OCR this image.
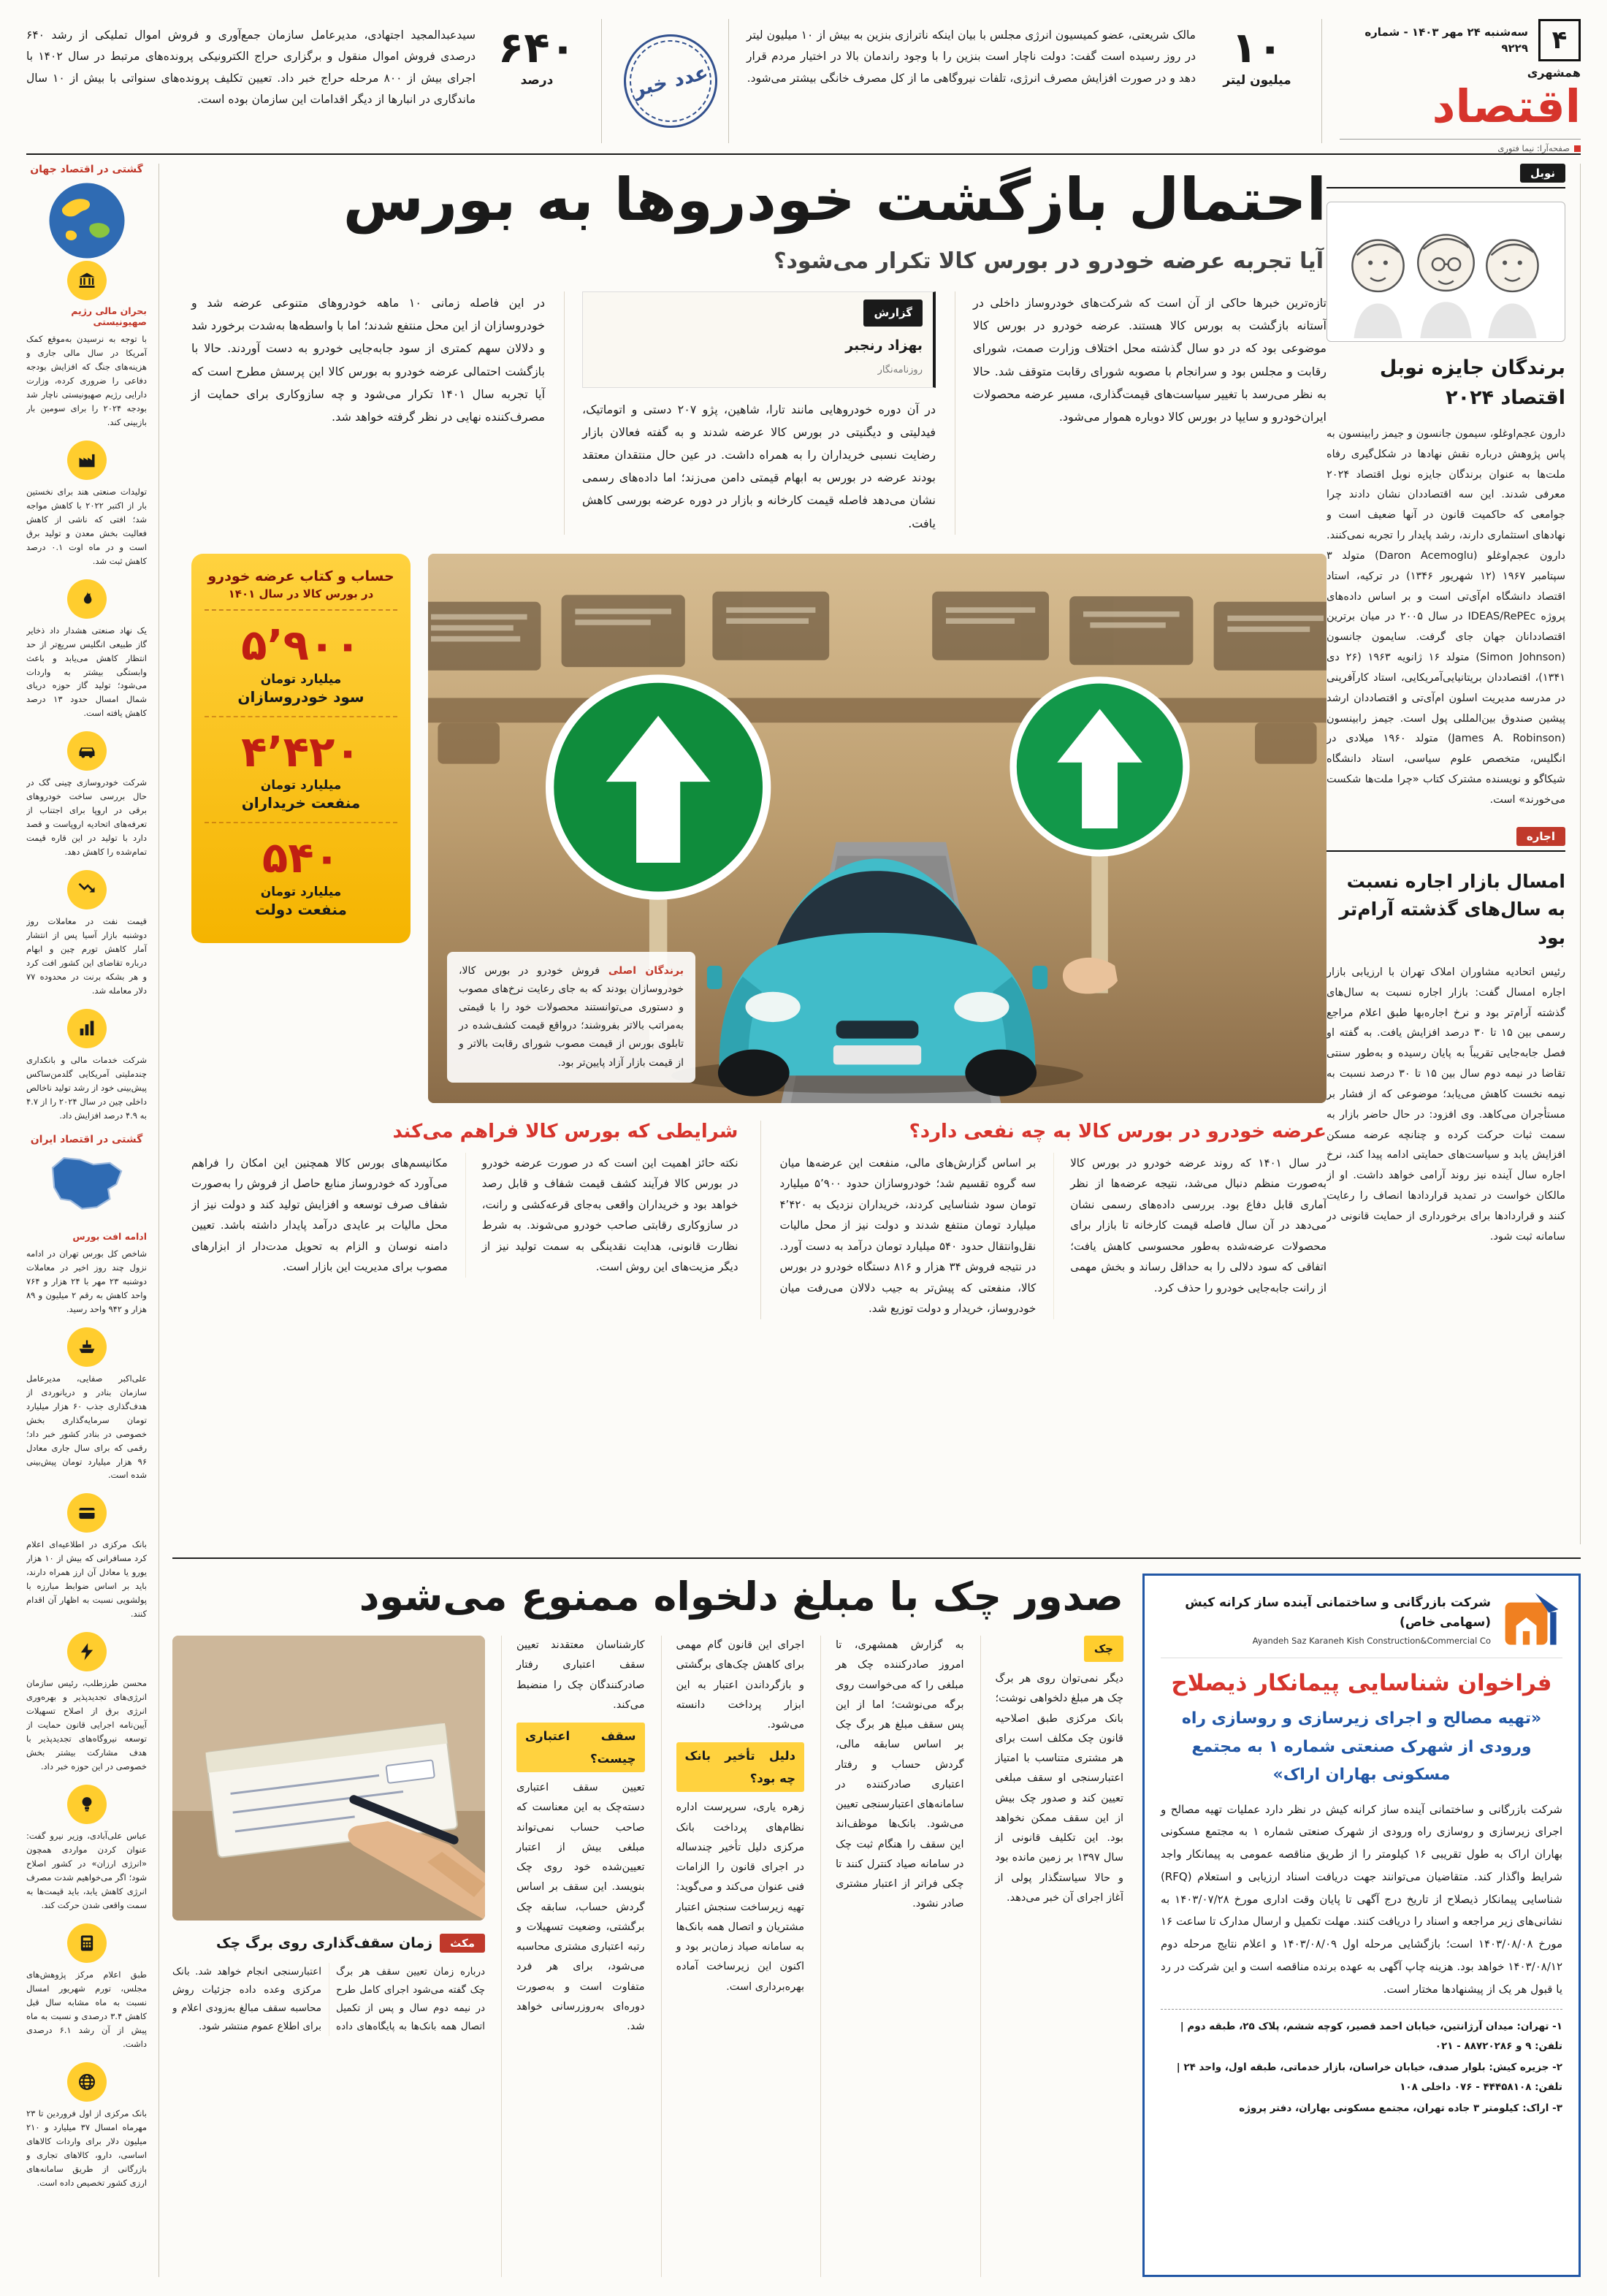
۴
سه‌شنبه ۲۴ مهر ۱۴۰۳ - شماره ۹۲۲۹
همشهری
اقتصاد
صفحه‌آرا: نیما فتوری
۱۰
میلیون لیتر

مالک شریعتی، عضو کمیسیون انرژی مجلس با بیان اینکه ناترازی بنزین به بیش از ۱۰ میلیون لیتر در روز رسیده است گفت: دولت ناچار است بنزین را با وجود راندمان بالا در اختیار مردم قرار دهد و در صورت افزایش مصرف انرژی، تلفات نیروگاهی ما از کل مصرف خانگی بیشتر می‌شود.

عدد خبر
۶۴۰
درصد

سیدعبدالمجید اجتهادی، مدیرعامل سازمان جمع‌آوری و فروش اموال تملیکی از رشد ۶۴۰ درصدی فروش اموال منقول و برگزاری حراج الکترونیکی پرونده‌های مرتبط در سال ۱۴۰۲ با اجرای بیش از ۸۰۰ مرحله حراج خبر داد. تعیین تکلیف پرونده‌های سنواتی با بیش از ۱۰ سال ماندگاری در انبارها از دیگر اقدامات این سازمان بوده است.

نوبل
برندگان جایزه نوبل اقتصاد ۲۰۲۴

دارون عجم‌اوغلو، سیمون جانسون و جیمز رابینسون به پاس پژوهش درباره نقش نهادها در شکل‌گیری رفاه ملت‌ها به عنوان برندگان جایزه نوبل اقتصاد ۲۰۲۴ معرفی شدند. این سه اقتصاددان نشان دادند چرا جوامعی که حاکمیت قانون در آنها ضعیف است و نهادهای استثماری دارند، رشد پایدار را تجربه نمی‌کنند. دارون عجم‌اوغلو (Daron Acemoglu) متولد ۳ سپتامبر ۱۹۶۷ (۱۲ شهریور ۱۳۴۶) در ترکیه، استاد اقتصاد دانشگاه ام‌آی‌تی است و بر اساس داده‌های پروژه IDEAS/RePEc در سال ۲۰۰۵ در میان برترین اقتصاددانان جهان جای گرفت. سایمون جانسون (Simon Johnson) متولد ۱۶ ژانویه ۱۹۶۳ (۲۶ دی ۱۳۴۱)، اقتصاددان بریتانیایی‌آمریکایی، استاد کارآفرینی در مدرسه مدیریت اسلون ام‌آی‌تی و اقتصاددان ارشد پیشین صندوق بین‌المللی پول است. جیمز رابینسون (James A. Robinson) متولد ۱۹۶۰ میلادی در انگلیس، متخصص علوم سیاسی، استاد دانشگاه شیکاگو و نویسنده مشترک کتاب «چرا ملت‌ها شکست می‌خورند» است.

اجاره
امسال بازار اجاره نسبت به سال‌های گذشته آرام‌تر بود

رئیس اتحادیه مشاوران املاک تهران با ارزیابی بازار اجاره امسال گفت: بازار اجاره نسبت به سال‌های گذشته آرام‌تر بود و نرخ اجاره‌بها طبق اعلام مراجع رسمی بین ۱۵ تا ۳۰ درصد افزایش یافت. به گفته او فصل جابه‌جایی تقریباً به پایان رسیده و به‌طور سنتی تقاضا در نیمه دوم سال بین ۱۵ تا ۳۰ درصد نسبت به نیمه نخست کاهش می‌یابد؛ موضوعی که از فشار بر مستأجران می‌کاهد. وی افزود: در حال حاضر بازار به سمت ثبات حرکت کرده و چنانچه عرضه مسکن افزایش یابد و سیاست‌های حمایتی ادامه پیدا کند، نرخ اجاره سال آینده نیز روند آرامی خواهد داشت. او از مالکان خواست در تمدید قراردادها انصاف را رعایت کنند و قراردادها برای برخورداری از حمایت قانونی در سامانه ثبت شود.

احتمال بازگشت خودروها به بورس
آیا تجربه عرضه خودرو در بورس کالا تکرار می‌شود؟

تازه‌ترین خبرها حاکی از آن است که شرکت‌های خودروساز داخلی در آستانه بازگشت به بورس کالا هستند. عرضه خودرو در بورس کالا موضوعی بود که در دو سال گذشته محل اختلاف وزارت صمت، شورای رقابت و مجلس بود و سرانجام با مصوبه شورای رقابت متوقف شد. حالا به نظر می‌رسد با تغییر سیاست‌های قیمت‌گذاری، مسیر عرضه محصولات ایران‌خودرو و سایپا در بورس کالا دوباره هموار می‌شود.

گزارش
بهزاد رنجبر
روزنامه‌نگار

در آن دوره خودروهایی مانند تارا، شاهین، پژو ۲۰۷ دستی و اتوماتیک، فیدلیتی و دیگنیتی در بورس کالا عرضه شدند و به گفته فعالان بازار رضایت نسبی خریداران را به همراه داشت. در عین حال منتقدان معتقد بودند عرضه در بورس به ابهام قیمتی دامن می‌زند؛ اما داده‌های رسمی نشان می‌دهد فاصله قیمت کارخانه و بازار در دوره عرضه بورسی کاهش یافت.

در این فاصله زمانی ۱۰ ماهه خودروهای متنوعی عرضه شد و خودروسازان از این محل منتفع شدند؛ اما با واسطه‌ها به‌شدت برخورد شد و دلالان سهم کمتری از سود جابه‌جایی خودرو به دست آوردند. حالا با بازگشت احتمالی عرضه خودرو به بورس کالا این پرسش مطرح است که آیا تجربه سال ۱۴۰۱ تکرار می‌شود و چه سازوکاری برای حمایت از مصرف‌کننده نهایی در نظر گرفته خواهد شد.

برندگان اصلی فروش خودرو در بورس کالا، خودروسازان بودند که به جای رعایت نرخ‌های مصوب و دستوری می‌توانستند محصولات خود را با قیمتی به‌مراتب بالاتر بفروشند؛ درواقع قیمت کشف‌شده در تابلوی بورس از قیمت مصوب شورای رقابت بالاتر و از قیمت بازار آزاد پایین‌تر بود.
حساب و کتاب عرضه خودرو
در بورس کالا در سال ۱۴۰۱
۵٬۹۰۰
میلیارد تومان
سود خودروسازان
۴٬۴۲۰
میلیارد تومان
منفعت خریداران
۵۴۰
میلیارد تومان
منفعت دولت
عرضه خودرو در بورس کالا به چه نفعی دارد؟

در سال ۱۴۰۱ که روند عرضه خودرو در بورس کالا به‌صورت منظم دنبال می‌شد، نتیجه عرضه‌ها از نظر آماری قابل دفاع بود. بررسی داده‌های رسمی نشان می‌دهد در آن سال فاصله قیمت کارخانه تا بازار برای محصولات عرضه‌شده به‌طور محسوسی کاهش یافت؛ اتفاقی که سود دلالی را به حداقل رساند و بخش مهمی از رانت جابه‌جایی خودرو را حذف کرد.

بر اساس گزارش‌های مالی، منفعت این عرضه‌ها میان سه گروه تقسیم شد؛ خودروسازان حدود ۵٬۹۰۰ میلیارد تومان سود شناسایی کردند، خریداران نزدیک به ۴٬۴۲۰ میلیارد تومان منتفع شدند و دولت نیز از محل مالیات نقل‌وانتقال حدود ۵۴۰ میلیارد تومان درآمد به دست آورد. در نتیجه فروش ۳۴ هزار و ۸۱۶ دستگاه خودرو در بورس کالا، منفعتی که پیش‌تر به جیب دلالان می‌رفت میان خودروساز، خریدار و دولت توزیع شد.

شرایطی که بورس کالا فراهم می‌کند

نکته حائز اهمیت این است که در صورت عرضه خودرو در بورس کالا فرآیند کشف قیمت شفاف و قابل رصد خواهد بود و خریداران واقعی به‌جای قرعه‌کشی و رانت، در سازوکاری رقابتی صاحب خودرو می‌شوند. به شرط نظارت قانونی، هدایت نقدینگی به سمت تولید نیز از دیگر مزیت‌های این روش است.

مکانیسم‌های بورس کالا همچنین این امکان را فراهم می‌آورد که خودروساز منابع حاصل از فروش را به‌صورت شفاف صرف توسعه و افزایش تولید کند و دولت نیز از محل مالیات بر عایدی درآمد پایدار داشته باشد. تعیین دامنه نوسان و الزام به تحویل مدت‌دار از ابزارهای مصوب برای مدیریت این بازار است.

شرکت بازرگانی و ساختمانی آینده ساز کرانه کیش (سهامی خاص)
Ayandeh Saz Karaneh Kish Construction&Commercial Co
فراخوان شناسایی پیمانکار ذیصلاح
«تهیه مصالح و اجرای زیرسازی و روسازی راه ورودی از شهرک صنعتی شماره ۱ به مجتمع مسکونی بهاران اراک»

شرکت بازرگانی و ساختمانی آینده ساز کرانه کیش در نظر دارد عملیات تهیه مصالح و اجرای زیرسازی و روسازی راه ورودی از شهرک صنعتی شماره ۱ به مجتمع مسکونی بهاران اراک به طول تقریبی ۱۶ کیلومتر را از طریق مناقصه عمومی به پیمانکار واجد شرایط واگذار کند. متقاضیان می‌توانند جهت دریافت اسناد ارزیابی و استعلام (RFQ) شناسایی پیمانکار ذیصلاح از تاریخ درج آگهی تا پایان وقت اداری مورخ ۱۴۰۳/۰۷/۲۸ به نشانی‌های زیر مراجعه و اسناد را دریافت کنند. مهلت تکمیل و ارسال مدارک تا ساعت ۱۶ مورخ ۱۴۰۳/۰۸/۰۸ است؛ بازگشایی مرحله اول ۱۴۰۳/۰۸/۰۹ و اعلام نتایج مرحله دوم ۱۴۰۳/۰۸/۱۲ خواهد بود. هزینه چاپ آگهی به عهده برنده مناقصه است و این شرکت در رد یا قبول هر یک از پیشنهادها مختار است.

۱- تهران: میدان آرژانتین، خیابان احمد قصیر، کوچه ششم، پلاک ۲۵، طبقه دوم | تلفن: ۹ و ۸۸۷۲۰۲۸۶ - ۰۲۱
۲- جزیره کیش: بلوار صدف، خیابان خراسان، بازار خدماتی، طبقه اول، واحد ۲۴ | تلفن: ۴۴۴۵۸۱۰۸ - ۰۷۶ داخلی ۱۰۸
۳- اراک: کیلومتر ۳ جاده تهران، مجتمع مسکونی بهاران، دفتر پروژه
صدور چک با مبلغ دلخواه ممنوع می‌شود
چک

دیگر نمی‌توان روی هر برگ چک هر مبلغ دلخواهی نوشت؛ بانک مرکزی طبق اصلاحیه قانون چک مکلف است برای هر مشتری متناسب با امتیاز اعتبارسنجی او سقف مبلغی تعیین کند و صدور چک بیش از این سقف ممکن نخواهد بود. این تکلیف قانونی از سال ۱۳۹۷ بر زمین مانده بود و حالا سیاستگذار پولی از آغاز اجرای آن خبر می‌دهد.

به گزارش همشهری، تا امروز صادرکننده چک هر مبلغی را که می‌خواست روی برگه می‌نوشت؛ اما از این پس سقف مبلغ هر برگ چک بر اساس سابقه مالی، گردش حساب و رفتار اعتباری صادرکننده در سامانه‌های اعتبارسنجی تعیین می‌شود. بانک‌ها موظف‌اند این سقف را هنگام ثبت چک در سامانه صیاد کنترل کنند تا چکی فراتر از اعتبار مشتری صادر نشود.

اجرای این قانون گام مهمی برای کاهش چک‌های برگشتی و بازگرداندن اعتبار به این ابزار پرداخت دانسته می‌شود.

دلیل تأخیر بانک چه بود؟

زهره یاری، سرپرست اداره نظام‌های پرداخت بانک مرکزی دلیل تأخیر چندساله در اجرای قانون را الزامات فنی عنوان می‌کند و می‌گوید: تهیه زیرساخت سنجش اعتبار مشتریان و اتصال همه بانک‌ها به سامانه صیاد زمان‌بر بود و اکنون این زیرساخت آماده بهره‌برداری است.

کارشناسان معتقدند تعیین سقف اعتباری رفتار صادرکنندگان چک را منضبط می‌کند.

سقف اعتباری چیست؟

تعیین سقف اعتباری دسته‌چک به این معناست که صاحب حساب نمی‌تواند مبلغی بیش از اعتبار تعیین‌شده خود روی چک بنویسد. این سقف بر اساس گردش حساب، سابقه چک برگشتی، وضعیت تسهیلات و رتبه اعتباری مشتری محاسبه می‌شود، برای هر فرد متفاوت است و به‌صورت دوره‌ای به‌روزرسانی خواهد شد.

مکث
زمان سقف‌گذاری روی برگ چک

درباره زمان تعیین سقف هر برگ چک گفته می‌شود اجرای کامل طرح در نیمه دوم سال و پس از تکمیل اتصال همه بانک‌ها به پایگاه‌های داده اعتبارسنجی انجام خواهد شد. بانک مرکزی وعده داده جزئیات روش محاسبه سقف مبالغ به‌زودی اعلام و برای اطلاع عموم منتشر شود.

گشتی در اقتصاد جهان
بحران مالی رژیم صهیونیستی

با توجه به نرسیدن به‌موقع کمک آمریکا در سال مالی جاری و هزینه‌های جنگ که افزایش بودجه دفاعی را ضروری کرده، وزارت دارایی رژیم صهیونیستی ناچار شد بودجه ۲۰۲۴ را برای سومین بار بازبینی کند.

تولیدات صنعتی هند برای نخستین بار از اکتبر ۲۰۲۲ با کاهش مواجه شد؛ افتی که ناشی از کاهش فعالیت بخش معدن و تولید برق است و در ماه اوت ۰.۱ درصد کاهش ثبت شد.

یک نهاد صنعتی هشدار داد ذخایر گاز طبیعی انگلیس سریع‌تر از حد انتظار کاهش می‌یابد و باعث وابستگی بیشتر به واردات می‌شود؛ تولید گاز حوزه دریای شمال امسال حدود ۱۳ درصد کاهش یافته است.

شرکت خودروسازی چینی گک در حال بررسی ساخت خودروهای برقی در اروپا برای اجتناب از تعرفه‌های اتحادیه اروپاست و قصد دارد با تولید در این قاره قیمت تمام‌شده را کاهش دهد.

قیمت نفت در معاملات روز دوشنبه بازار آسیا پس از انتشار آمار کاهش تورم چین و ابهام درباره تقاضای این کشور افت کرد و هر بشکه برنت در محدوده ۷۷ دلار معامله شد.

شرکت خدمات مالی و بانکداری چندملیتی آمریکایی گلدمن‌ساکس پیش‌بینی خود از رشد تولید ناخالص داخلی چین در سال ۲۰۲۴ را از ۴.۷ به ۴.۹ درصد افزایش داد.

گشتی در اقتصاد ایران
ادامه افت بورس

شاخص کل بورس تهران در ادامه نزول چند روز اخیر در معاملات دوشنبه ۲۳ مهر با ۲۴ هزار و ۷۶۴ واحد کاهش به رقم ۲ میلیون و ۸۹ هزار و ۹۴۲ واحد رسید.

علی‌اکبر صفایی، مدیرعامل سازمان بنادر و دریانوردی از هدف‌گذاری جذب ۶۰ هزار میلیارد تومان سرمایه‌گذاری بخش خصوصی در بنادر کشور خبر داد؛ رقمی که برای سال جاری معادل ۹۶ هزار میلیارد تومان پیش‌بینی شده است.

بانک مرکزی در اطلاعیه‌ای اعلام کرد مسافرانی که بیش از ۱۰ هزار یورو یا معادل آن ارز همراه دارند، باید بر اساس ضوابط مبارزه با پولشویی نسبت به اظهار آن اقدام کنند.

محسن طرزطلب، رئیس سازمان انرژی‌های تجدیدپذیر و بهره‌وری انرژی برق از اصلاح تسهیلات آیین‌نامه اجرایی قانون حمایت از توسعه نیروگاه‌های تجدیدپذیر با هدف مشارکت بیشتر بخش خصوصی در این حوزه خبر داد.

عباس علی‌آبادی، وزیر نیرو گفت: عنوان کردن مواردی همچون «انرژی ارزان» در کشور اصلاح شود؛ اگر می‌خواهیم شدت مصرف انرژی کاهش یابد، باید قیمت‌ها به سمت واقعی شدن حرکت کند.

طبق اعلام مرکز پژوهش‌های مجلس، تورم شهریور امسال نسبت به ماه مشابه سال قبل کاهش ۳.۴ درصدی و نسبت به ماه پیش از آن رشد ۶.۱ درصدی داشت.

بانک مرکزی از اول فروردین تا ۲۳ مهرماه امسال ۳۷ میلیارد و ۲۱۰ میلیون دلار برای واردات کالاهای اساسی، دارو، کالاهای تجاری و بازرگانی از طریق سامانه‌های ارزی کشور تخصیص داده است.
